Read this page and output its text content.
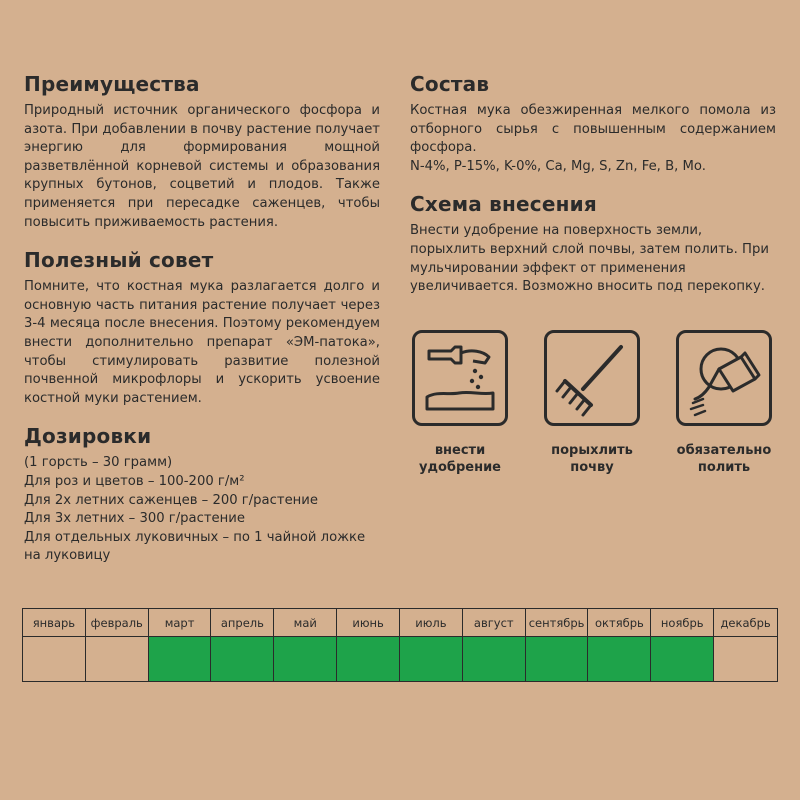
Преимущества

Природный источник органического фосфора и азота. При добавлении в почву растение получает энергию для формирования мощной разветвлённой корневой системы и образования крупных бутонов, соцветий и плодов. Также применяется при пересадке саженцев, чтобы повысить приживаемость растения.

Полезный совет

Помните, что костная мука разлагается долго и основную часть питания растение получает через 3-4 месяца после внесения. Поэтому рекомендуем внести дополнительно препарат «ЭМ-патока», чтобы стимулировать развитие полезной почвенной микрофлоры и ускорить усвоение костной муки растением.

Дозировки
(1 горсть – 30 грамм)
Для роз и цветов – 100-200 г/м²
Для 2х летних саженцев – 200 г/растение
Для 3х летних – 300 г/растение
Для отдельных луковичных – по 1 чайной ложке на луковицу
Состав

Костная мука обезжиренная мелкого помола из отборного сырья с повышенным содержанием фосфора.

N-4%, P-15%, K-0%, Ca, Mg, S, Zn, Fe, B, Mo.

Схема внесения

Внести удобрение на поверхность земли, порыхлить верхний слой почвы, затем полить. При мульчировании эффект от применения увеличивается. Возможно вносить под перекопку.

внести
удобрение
порыхлить
почву
обязательно
полить
январь	февраль	март	апрель	май	июнь	июль	август	сентябрь октябрь	ноябрь	декабрь
